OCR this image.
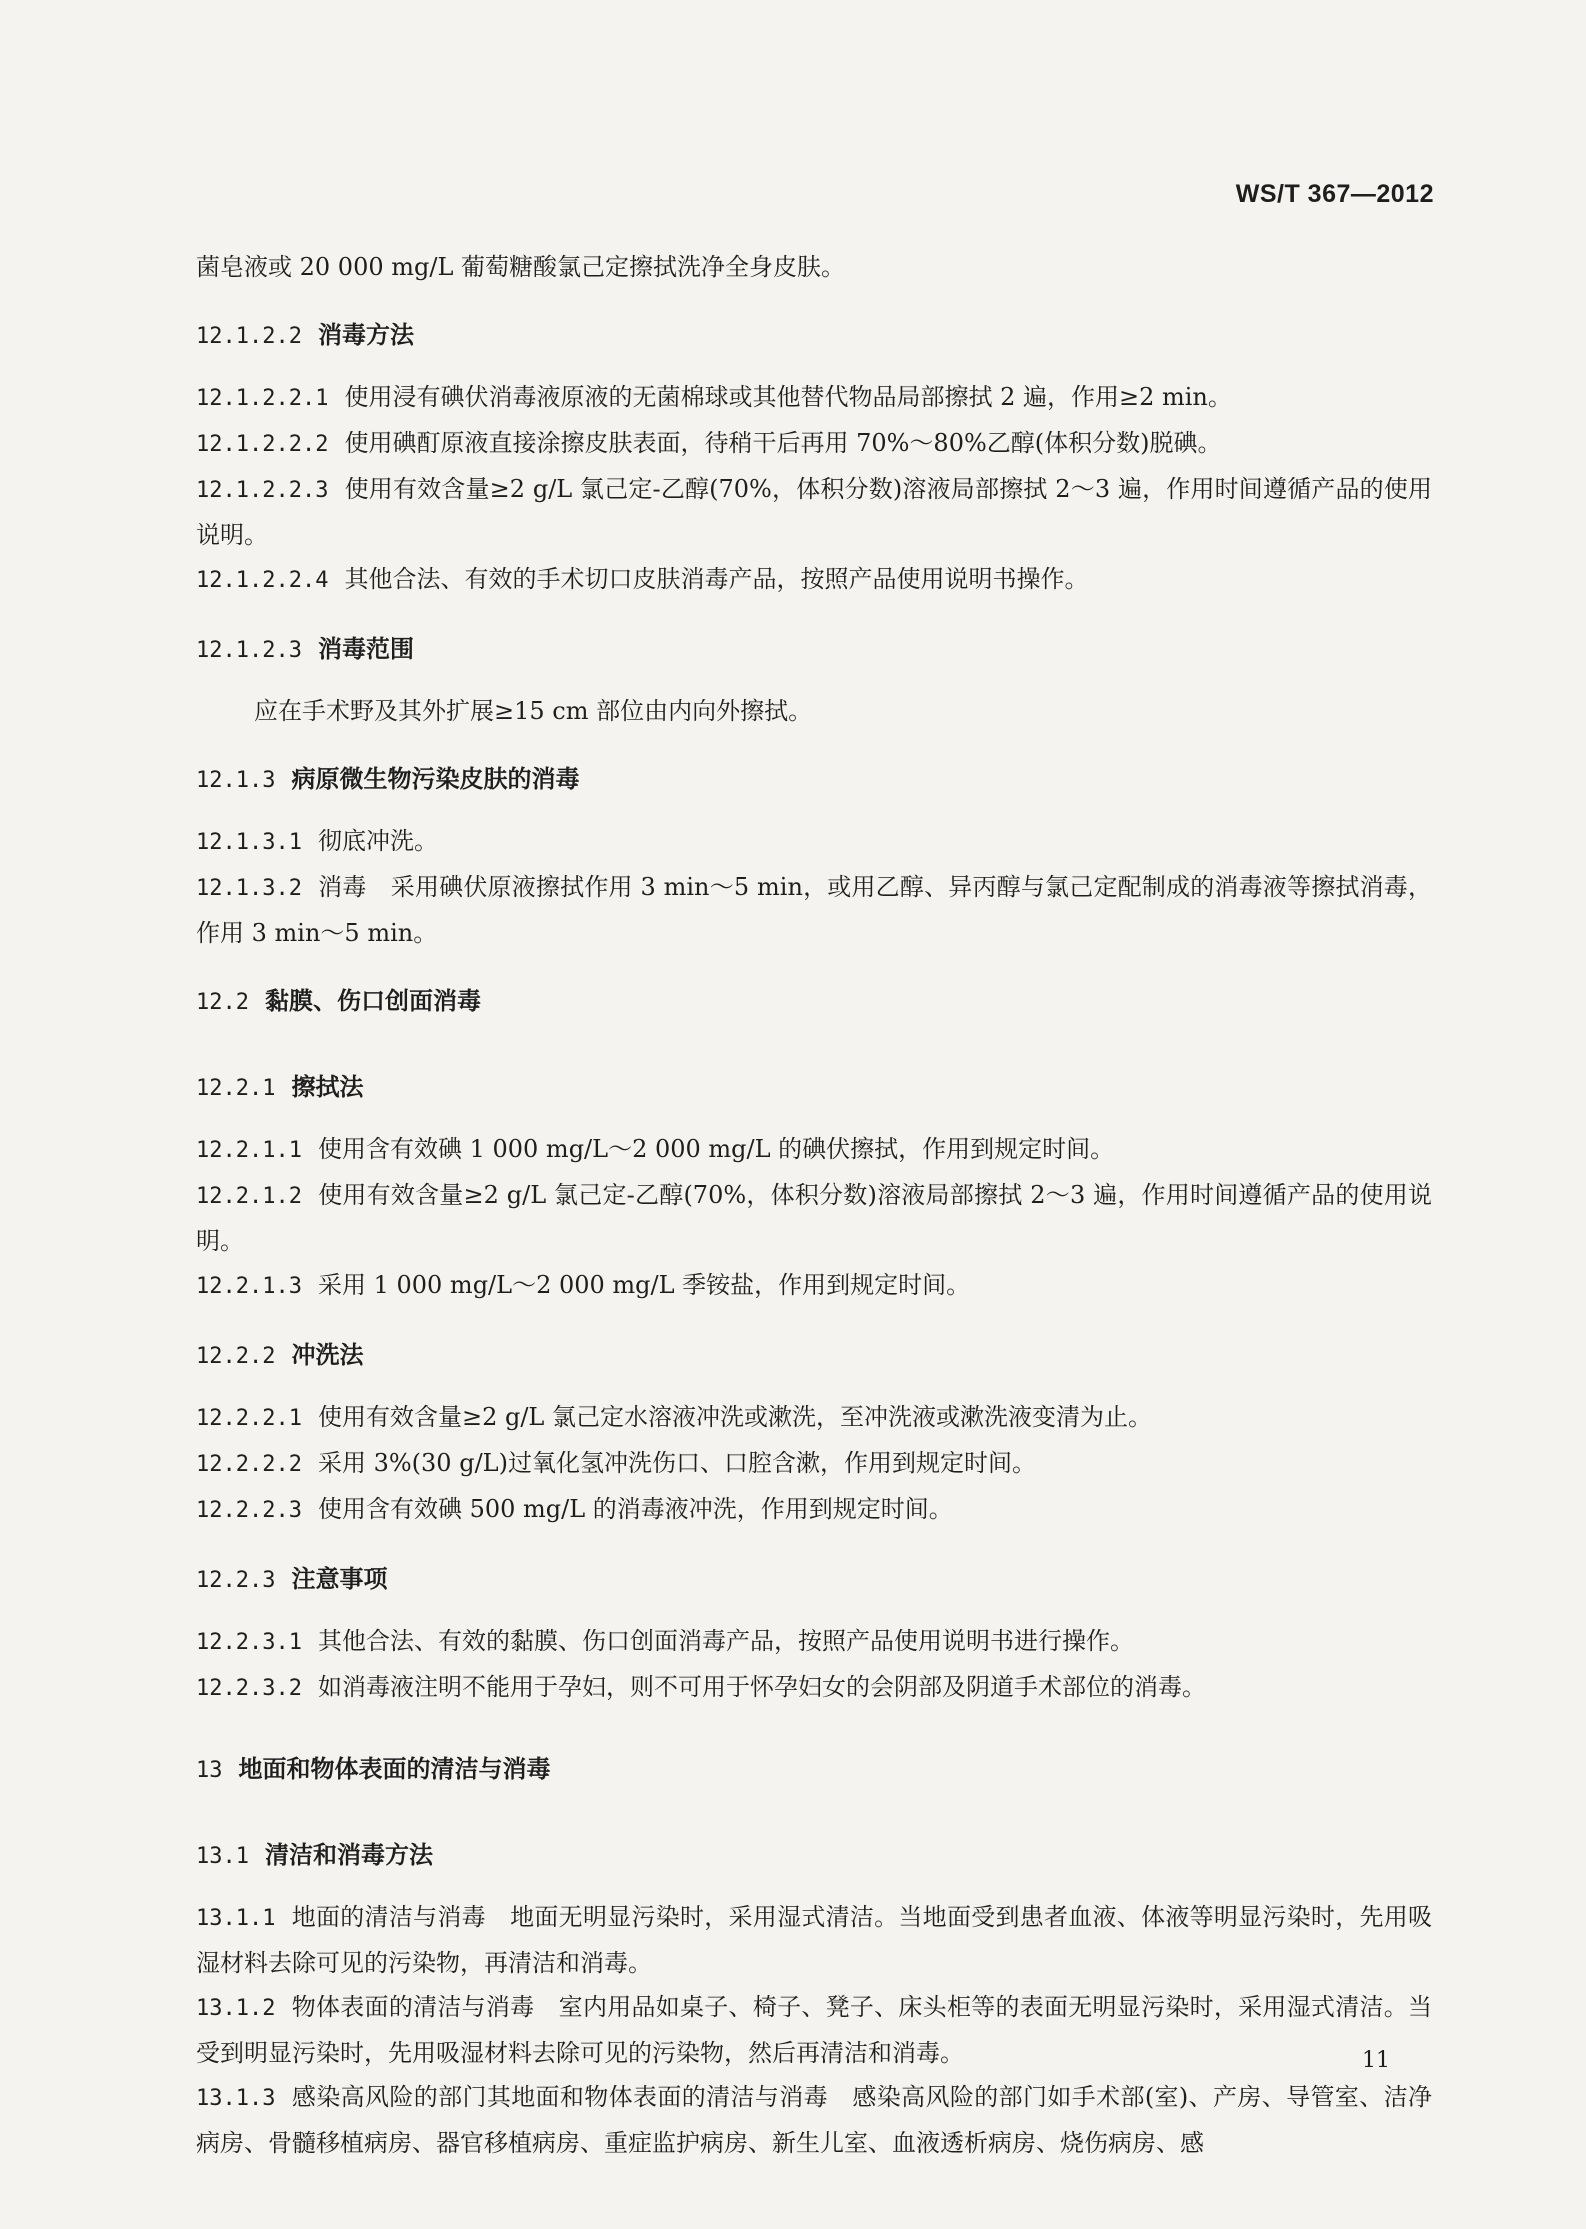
WS/T 367—2012
菌皂液或 20 000 mg/L 葡萄糖酸氯己定擦拭洗净全身皮肤。
12.1.2.2 消毒方法
12.1.2.2.1 使用浸有碘伏消毒液原液的无菌棉球或其他替代物品局部擦拭 2 遍，作用≥2 min。
12.1.2.2.2 使用碘酊原液直接涂擦皮肤表面，待稍干后再用 70%～80%乙醇(体积分数)脱碘。
12.1.2.2.3 使用有效含量≥2 g/L 氯己定-乙醇(70%，体积分数)溶液局部擦拭 2～3 遍，作用时间遵循产品的使用说明。
12.1.2.2.4 其他合法、有效的手术切口皮肤消毒产品，按照产品使用说明书操作。
12.1.2.3 消毒范围
应在手术野及其外扩展≥15 cm 部位由内向外擦拭。
12.1.3 病原微生物污染皮肤的消毒
12.1.3.1 彻底冲洗。
12.1.3.2 消毒　采用碘伏原液擦拭作用 3 min～5 min，或用乙醇、异丙醇与氯己定配制成的消毒液等擦拭消毒，作用 3 min～5 min。
12.2 黏膜、伤口创面消毒
12.2.1 擦拭法
12.2.1.1 使用含有效碘 1 000 mg/L～2 000 mg/L 的碘伏擦拭，作用到规定时间。
12.2.1.2 使用有效含量≥2 g/L 氯己定-乙醇(70%，体积分数)溶液局部擦拭 2～3 遍，作用时间遵循产品的使用说明。
12.2.1.3 采用 1 000 mg/L～2 000 mg/L 季铵盐，作用到规定时间。
12.2.2 冲洗法
12.2.2.1 使用有效含量≥2 g/L 氯己定水溶液冲洗或漱洗，至冲洗液或漱洗液变清为止。
12.2.2.2 采用 3%(30 g/L)过氧化氢冲洗伤口、口腔含漱，作用到规定时间。
12.2.2.3 使用含有效碘 500 mg/L 的消毒液冲洗，作用到规定时间。
12.2.3 注意事项
12.2.3.1 其他合法、有效的黏膜、伤口创面消毒产品，按照产品使用说明书进行操作。
12.2.3.2 如消毒液注明不能用于孕妇，则不可用于怀孕妇女的会阴部及阴道手术部位的消毒。
13 地面和物体表面的清洁与消毒
13.1 清洁和消毒方法
13.1.1 地面的清洁与消毒　地面无明显污染时，采用湿式清洁。当地面受到患者血液、体液等明显污染时，先用吸湿材料去除可见的污染物，再清洁和消毒。
13.1.2 物体表面的清洁与消毒　室内用品如桌子、椅子、凳子、床头柜等的表面无明显污染时，采用湿式清洁。当受到明显污染时，先用吸湿材料去除可见的污染物，然后再清洁和消毒。
13.1.3 感染高风险的部门其地面和物体表面的清洁与消毒　感染高风险的部门如手术部(室)、产房、导管室、洁净病房、骨髓移植病房、器官移植病房、重症监护病房、新生儿室、血液透析病房、烧伤病房、感
11
